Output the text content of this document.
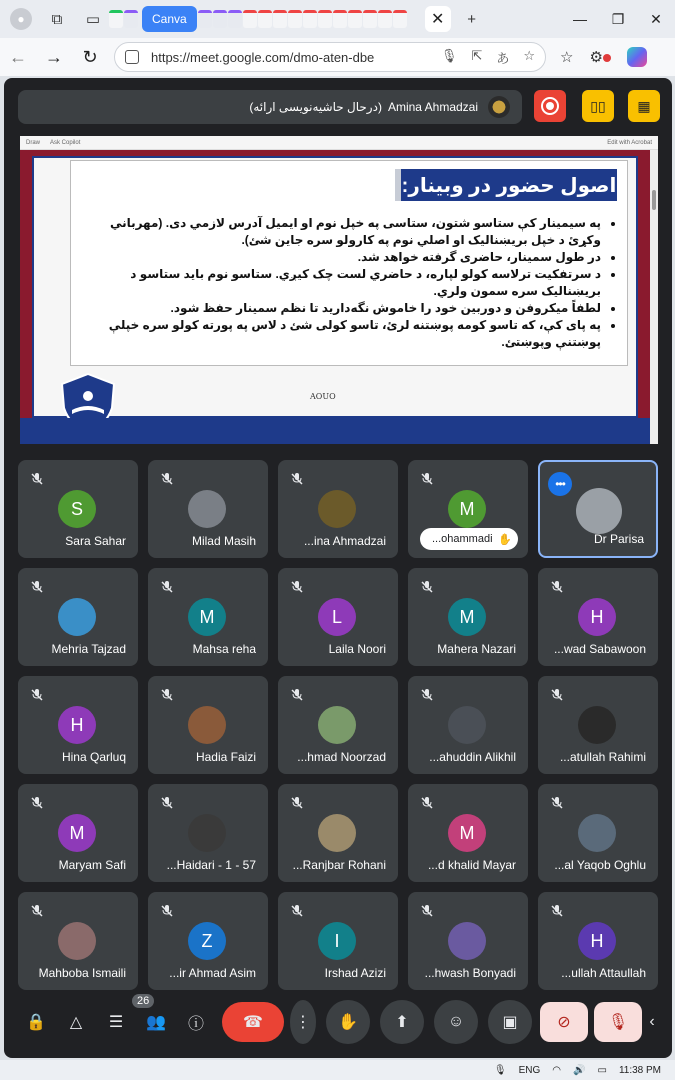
●	⧉	▭	Canva	✕	+	—	❐	✕
←	→	↻	https://meet.google.com/dmo-aten-dbe	🎙 ⇱ あ ☆ ☆ ⚙
(درحال حاشیه‌نویسی ارائه) Amina Ahmadzai	▯▯ ▦
Draw Ask Copilot	Edit with Acrobat
اصول حضور در وبینار:
• په سیمینار کې ستاسو شتون، ستاسی په خپل نوم او ایمیل آدرس لازمي دی. (مهرباني وکړئ د خپل بریښنالیک او اصلي نوم په کارولو سره جاین شئ).
• در طول سمینار، حاضری گرفته خواهد شد.
• د سرتفکیت ترلاسه کولو لپاره، د حاضري لست چک کیږي. ستاسو نوم باید ستاسو د بریښنالیک سره سمون ولري.
• لطفاً میکروفن و دوربین خود را خاموش نگه‌دارید تا نظم سمینار حفظ شود.
• په پای کې، که تاسو کومه پوښتنه لرئ، تاسو کولی شئ د لاس په پورته کولو سره خپلې پوښتنې وپوښتئ.
AOUO
🔒 △ ☰ 👥
26
ⓘ ☎ ⋮ ✋ ⬆ ☺ ▣ ⊘ 🎙	‹
S
Sara Sahar	Milad Masih	...ina Ahmadzai
M
...ohammadi ✋
•••
Dr Parisa
Mehria Tajzad
M
Mahsa reha
L
Laila Noori
M
Mahera Nazari
H
...wad Sabawoon
H
Hina Qarluq	Hadia Faizi	...hmad Noorzad	...ahuddin Alikhil	...atullah Rahimi
M
Maryam Safi	...Haidari - 1 - 57	...Ranjbar Rohani
M
...d khalid Mayar	...al Yaqob Oghlu
Mahboba Ismaili
Z
...ir Ahmad Asim
I
Irshad Azizi	...hwash Bonyadi
H
...ullah Attaullah
🎙 ENG ◠ 🔊 ▭ 11:38 PM
